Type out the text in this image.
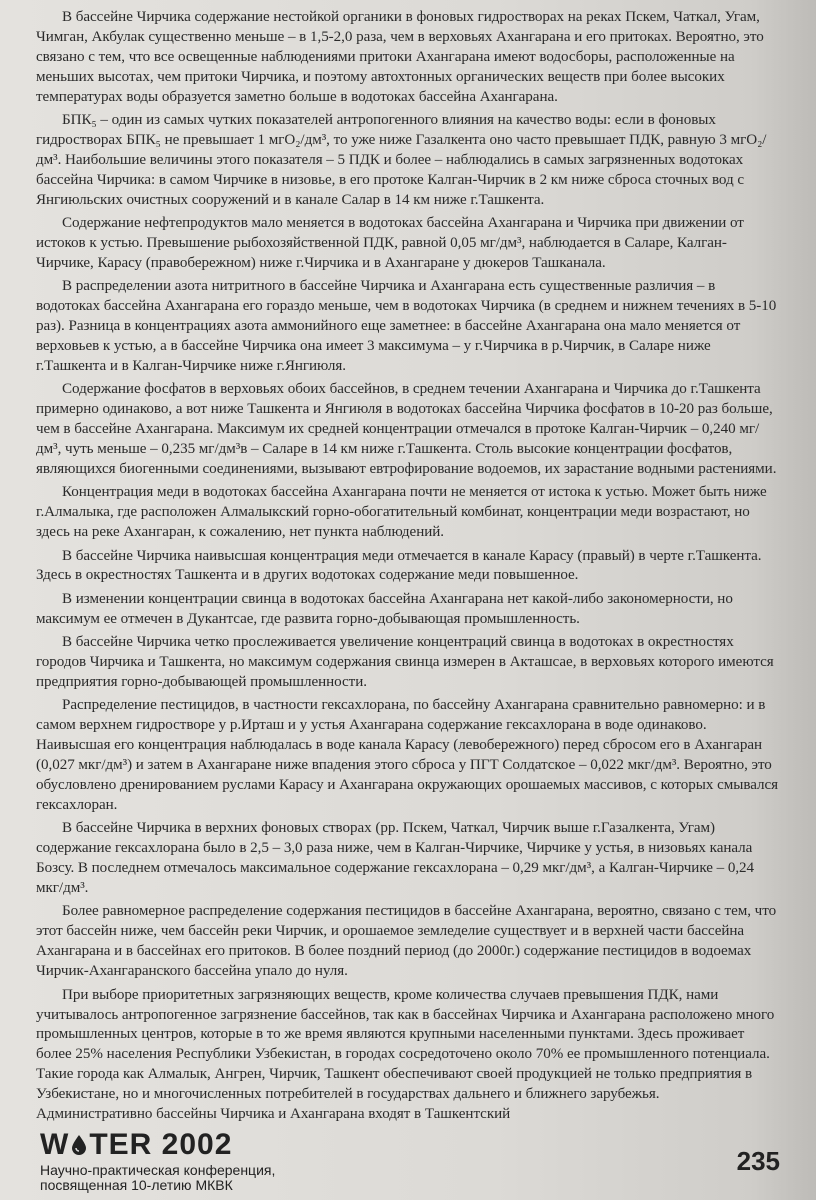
В бассейне Чирчика содержание нестойкой органики в фоновых гидростворах на реках Пскем, Чаткал, Угам, Чимган, Акбулак существенно меньше – в 1,5-2,0 раза, чем в верховьях Ахангарана и его притоках. Вероятно, это связано с тем, что все освещенные наблюдениями притоки Ахангарана имеют водосборы, расположенные на меньших высотах, чем притоки Чирчика, и поэтому автохтонных органических веществ при более высоких температурах воды образуется заметно больше в водотоках бассейна Ахангарана.

БПК₅ – один из самых чутких показателей антропогенного влияния на качество воды: если в фоновых гидростворах БПК₅ не превышает 1 мгО₂/дм³, то уже ниже Газалкента оно часто превышает ПДК, равную 3 мгО₂/дм³. Наибольшие величины этого показателя – 5 ПДК и более – наблюдались в самых загрязненных водотоках бассейна Чирчика: в самом Чирчике в низовье, в его протоке Калган-Чирчик в 2 км ниже сброса сточных вод с Янгиюльских очистных сооружений и в канале Салар в 14 км ниже г.Ташкента.

Содержание нефтепродуктов мало меняется в водотоках бассейна Ахангарана и Чирчика при движении от истоков к устью. Превышение рыбохозяйственной ПДК, равной 0,05 мг/дм³, наблюдается в Саларе, Калган-Чирчике, Карасу (правобережном) ниже г.Чирчика и в Ахангаране у дюкеров Ташканала.

В распределении азота нитритного в бассейне Чирчика и Ахангарана есть существенные различия – в водотоках бассейна Ахангарана его гораздо меньше, чем в водотоках Чирчика (в среднем и нижнем течениях в 5-10 раз). Разница в концентрациях азота аммонийного еще заметнее: в бассейне Ахангарана она мало меняется от верховьев к устью, а в бассейне Чирчика она имеет 3 максимума – у г.Чирчика в р.Чирчик, в Саларе ниже г.Ташкента и в Калган-Чирчике ниже г.Янгиюля.

Содержание фосфатов в верховьях обоих бассейнов, в среднем течении Ахангарана и Чирчика до г.Ташкента примерно одинаково, а вот ниже Ташкента и Янгиюля в водотоках бассейна Чирчика фосфатов в 10-20 раз больше, чем в бассейне Ахангарана. Максимум их средней концентрации отмечался в протоке Калган-Чирчик – 0,240 мг/дм³, чуть меньше – 0,235 мг/дм³в – Саларе в 14 км ниже г.Ташкента. Столь высокие концентрации фосфатов, являющихся биогенными соединениями, вызывают евтрофирование водоемов, их зарастание водными растениями.

Концентрация меди в водотоках бассейна Ахангарана почти не меняется от истока к устью. Может быть ниже г.Алмалыка, где расположен Алмалыкский горно-обогатительный комбинат, концентрации меди возрастают, но здесь на реке Ахангаран, к сожалению, нет пункта наблюдений.

В бассейне Чирчика наивысшая концентрация меди отмечается в канале Карасу (правый) в черте г.Ташкента. Здесь в окрестностях Ташкента и в других водотоках содержание меди повышенное.

В изменении концентрации свинца в водотоках бассейна Ахангарана нет какой-либо закономерности, но максимум ее отмечен в Дукантсае, где развита горно-добывающая промышленность.

В бассейне Чирчика четко прослеживается увеличение концентраций свинца в водотоках в окрестностях городов Чирчика и Ташкента, но максимум содержания свинца измерен в Акташсае, в верховьях которого имеются предприятия горно-добывающей промышленности.

Распределение пестицидов, в частности гексахлорана, по бассейну Ахангарана сравнительно равномерно: и в самом верхнем гидростворе у р.Ирташ и у устья Ахангарана содержание гексахлорана в воде одинаково. Наивысшая его концентрация наблюдалась в воде канала Карасу (левобережного) перед сбросом его в Ахангаран (0,027 мкг/дм³) и затем в Ахангаране ниже впадения этого сброса у ПГТ Солдатское – 0,022 мкг/дм³. Вероятно, это обусловлено дренированием руслами Карасу и Ахангарана окружающих орошаемых массивов, с которых смывался гексахлоран.

В бассейне Чирчика в верхних фоновых створах (рр. Пскем, Чаткал, Чирчик выше г.Газалкента, Угам) содержание гексахлорана было в 2,5 – 3,0 раза ниже, чем в Калган-Чирчике, Чирчике у устья, в низовьях канала Бозсу. В последнем отмечалось максимальное содержание гексахлорана – 0,29 мкг/дм³, а Калган-Чирчике – 0,24 мкг/дм³.

Более равномерное распределение содержания пестицидов в бассейне Ахангарана, вероятно, связано с тем, что этот бассейн ниже, чем бассейн реки Чирчик, и орошаемое земледелие существует и в верхней части бассейна Ахангарана и в бассейнах его притоков. В более поздний период (до 2000г.) содержание пестицидов в водоемах Чирчик-Ахангаранского бассейна упало до нуля.

При выборе приоритетных загрязняющих веществ, кроме количества случаев превышения ПДК, нами учитывалось антропогенное загрязнение бассейнов, так как в бассейнах Чирчика и Ахангарана расположено много промышленных центров, которые в то же время являются крупными населенными пунктами. Здесь проживает более 25% населения Республики Узбекистан, в городах сосредоточено около 70% ее промышленного потенциала. Такие города как Алмалык, Ангрен, Чирчик, Ташкент обеспечивают своей продукцией не только предприятия в Узбекистане, но и многочисленных потребителей в государствах дальнего и ближнего зарубежья. Административно бассейны Чирчика и Ахангарана входят в Ташкентский

W TER 2002
Научно-практическая конференция,
посвященная 10-летию МКВК
235
